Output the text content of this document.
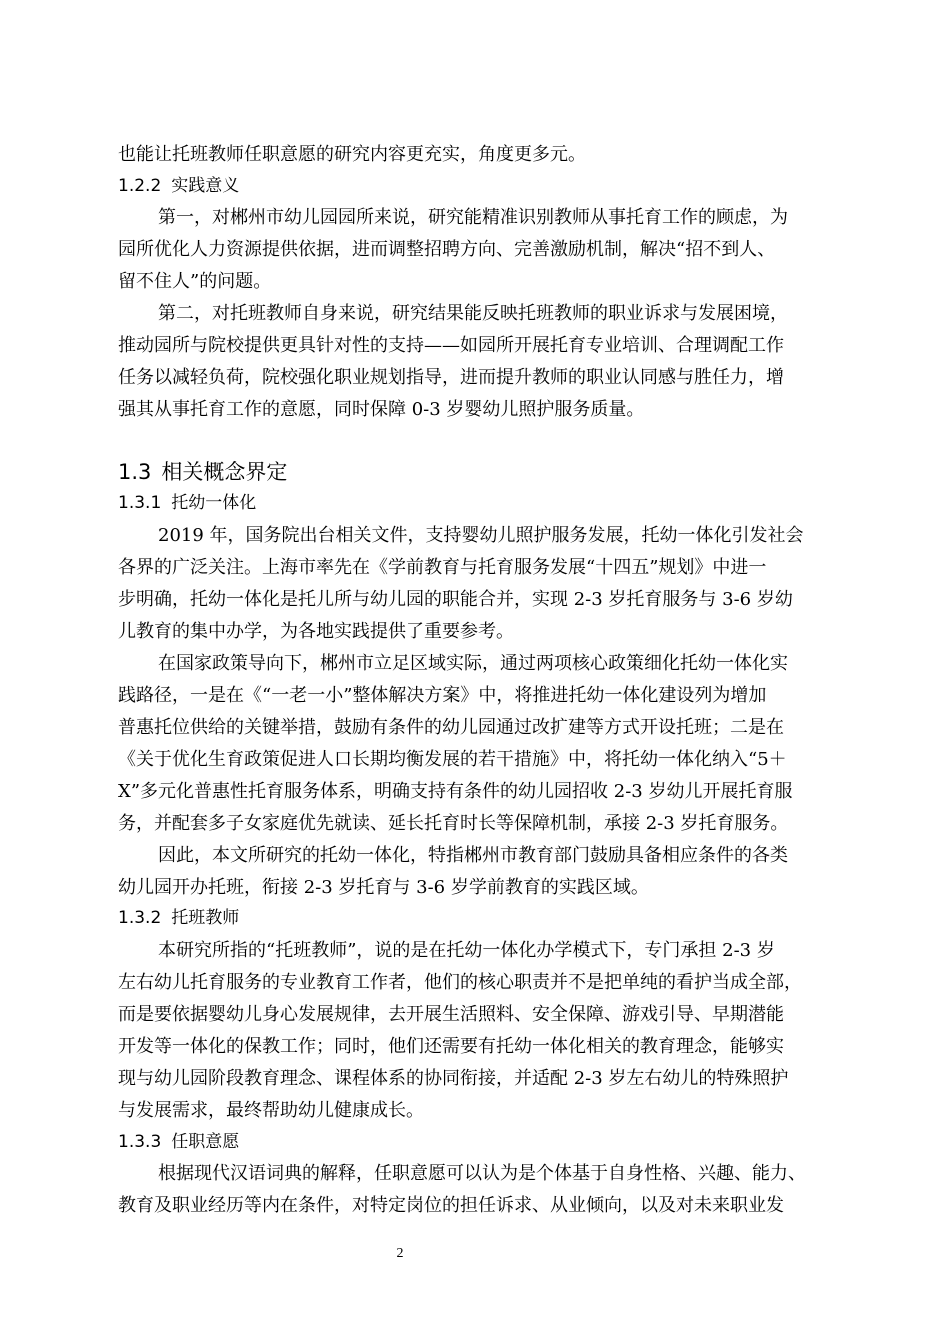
也能让托班教师任职意愿的研究内容更充实，角度更多元。

1.2.2 实践意义

第一，对郴州市幼儿园园所来说，研究能精准识别教师从事托育工作的顾虑，为

园所优化人力资源提供依据，进而调整招聘方向、完善激励机制，解决“招不到人、

留不住人”的问题。

第二，对托班教师自身来说，研究结果能反映托班教师的职业诉求与发展困境，

推动园所与院校提供更具针对性的支持——如园所开展托育专业培训、合理调配工作

任务以减轻负荷，院校强化职业规划指导，进而提升教师的职业认同感与胜任力，增

强其从事托育工作的意愿，同时保障 0-3 岁婴幼儿照护服务质量。

1.3 相关概念界定
1.3.1 托幼一体化

2019 年，国务院出台相关文件，支持婴幼儿照护服务发展，托幼一体化引发社会

各界的广泛关注。上海市率先在《学前教育与托育服务发展“十四五”规划》中进一

步明确，托幼一体化是托儿所与幼儿园的职能合并，实现 2-3 岁托育服务与 3-6 岁幼

儿教育的集中办学，为各地实践提供了重要参考。

在国家政策导向下，郴州市立足区域实际，通过两项核心政策细化托幼一体化实

践路径，一是在《“一老一小”整体解决方案》中，将推进托幼一体化建设列为增加

普惠托位供给的关键举措，鼓励有条件的幼儿园通过改扩建等方式开设托班；二是在

《关于优化生育政策促进人口长期均衡发展的若干措施》中，将托幼一体化纳入“5＋

X”多元化普惠性托育服务体系，明确支持有条件的幼儿园招收 2-3 岁幼儿开展托育服

务，并配套多子女家庭优先就读、延长托育时长等保障机制，承接 2-3 岁托育服务。

因此，本文所研究的托幼一体化，特指郴州市教育部门鼓励具备相应条件的各类

幼儿园开办托班，衔接 2-3 岁托育与 3-6 岁学前教育的实践区域。

1.3.2 托班教师

本研究所指的“托班教师”，说的是在托幼一体化办学模式下，专门承担 2-3 岁

左右幼儿托育服务的专业教育工作者，他们的核心职责并不是把单纯的看护当成全部，

而是要依据婴幼儿身心发展规律，去开展生活照料、安全保障、游戏引导、早期潜能

开发等一体化的保教工作；同时，他们还需要有托幼一体化相关的教育理念，能够实

现与幼儿园阶段教育理念、课程体系的协同衔接，并适配 2-3 岁左右幼儿的特殊照护

与发展需求，最终帮助幼儿健康成长。

1.3.3 任职意愿

根据现代汉语词典的解释，任职意愿可以认为是个体基于自身性格、兴趣、能力、

教育及职业经历等内在条件，对特定岗位的担任诉求、从业倾向，以及对未来职业发

2
